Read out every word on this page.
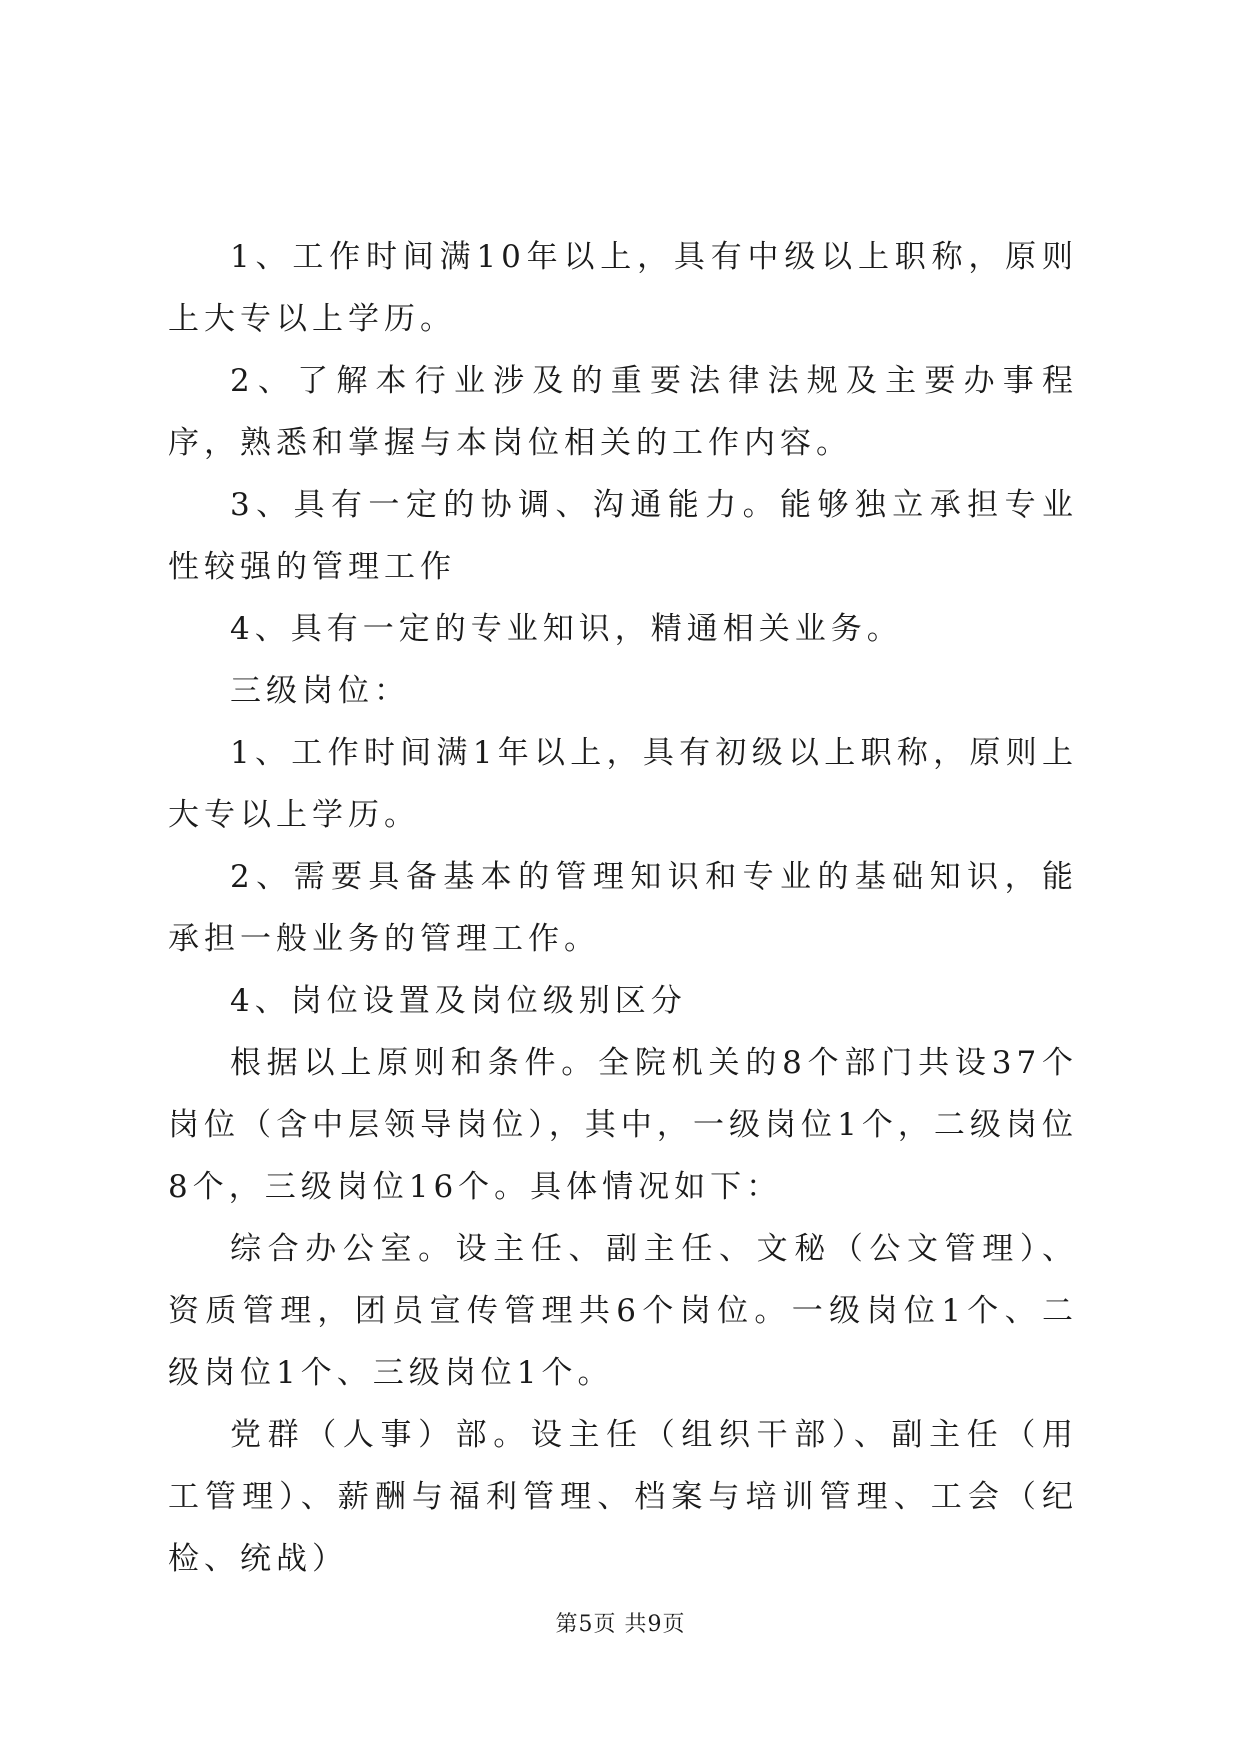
1、工作时间满10年以上，具有中级以上职称，原则上大专以上学历。

2、了解本行业涉及的重要法律法规及主要办事程序，熟悉和掌握与本岗位相关的工作内容。

3、具有一定的协调、沟通能力。能够独立承担专业性较强的管理工作

4、具有一定的专业知识，精通相关业务。

三级岗位：

1、工作时间满1年以上，具有初级以上职称，原则上大专以上学历。

2、需要具备基本的管理知识和专业的基础知识，能承担一般业务的管理工作。

4、岗位设置及岗位级别区分

根据以上原则和条件。全院机关的8个部门共设37个岗位（含中层领导岗位），其中，一级岗位1个，二级岗位8个，三级岗位16个。具体情况如下：

综合办公室。设主任、副主任、文秘（公文管理）、资质管理，团员宣传管理共6个岗位。一级岗位1个、二级岗位1个、三级岗位1个。

党群（人事）部。设主任（组织干部）、副主任（用工管理）、薪酬与福利管理、档案与培训管理、工会（纪检、统战）

第5页 共9页
